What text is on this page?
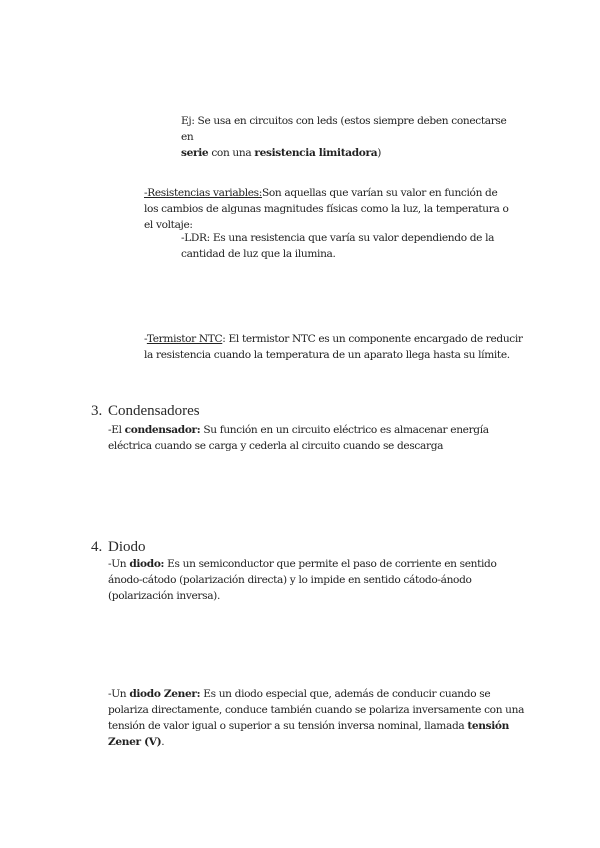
Ej: Se usa en circuitos con leds (estos siempre deben conectarse en
serie con una resistencia limitadora)
-Resistencias variables:Son aquellas que varían su valor en función de los cambios de algunas magnitudes físicas como la luz, la temperatura o el voltaje:
-LDR: Es una resistencia que varía su valor dependiendo de la
cantidad de luz que la ilumina.
-Termistor NTC: El termistor NTC es un componente encargado de reducir la resistencia cuando la temperatura de un aparato llega hasta su límite.
3. Condensadores
-El condensador: Su función en un circuito eléctrico es almacenar energía eléctrica cuando se carga y cederla al circuito cuando se descarga
4. Diodo
-Un diodo: Es un semiconductor que permite el paso de corriente en sentido ánodo-cátodo (polarización directa) y lo impide en sentido cátodo-ánodo (polarización inversa).
-Un diodo Zener: Es un diodo especial que, además de conducir cuando se polariza directamente, conduce también cuando se polariza inversamente con una tensión de valor igual o superior a su tensión inversa nominal, llamada tensión Zener (V).
